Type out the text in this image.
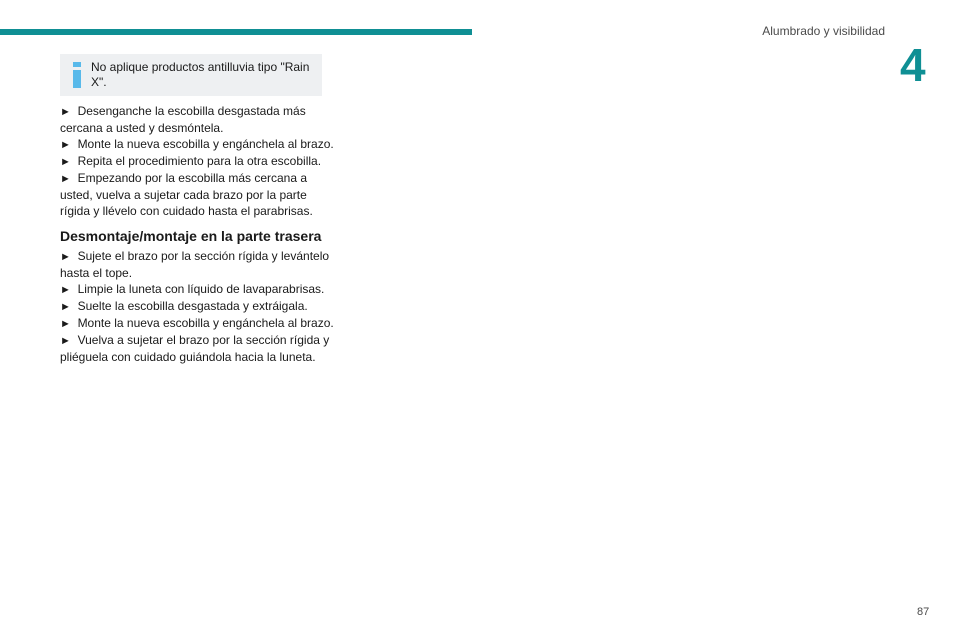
Alumbrado y visibilidad
4
No aplique productos antilluvia tipo "Rain X".

► Desenganche la escobilla desgastada más cercana a usted y desmóntela.

► Monte la nueva escobilla y engánchela al brazo.

► Repita el procedimiento para la otra escobilla.

► Empezando por la escobilla más cercana a usted, vuelva a sujetar cada brazo por la parte rígida y llévelo con cuidado hasta el parabrisas.

Desmontaje/montaje en la parte trasera

► Sujete el brazo por la sección rígida y levántelo hasta el tope.

► Limpie la luneta con líquido de lavaparabrisas.

► Suelte la escobilla desgastada y extráigala.

► Monte la nueva escobilla y engánchela al brazo.

► Vuelva a sujetar el brazo por la sección rígida y pliéguela con cuidado guiándola hacia la luneta.

87
